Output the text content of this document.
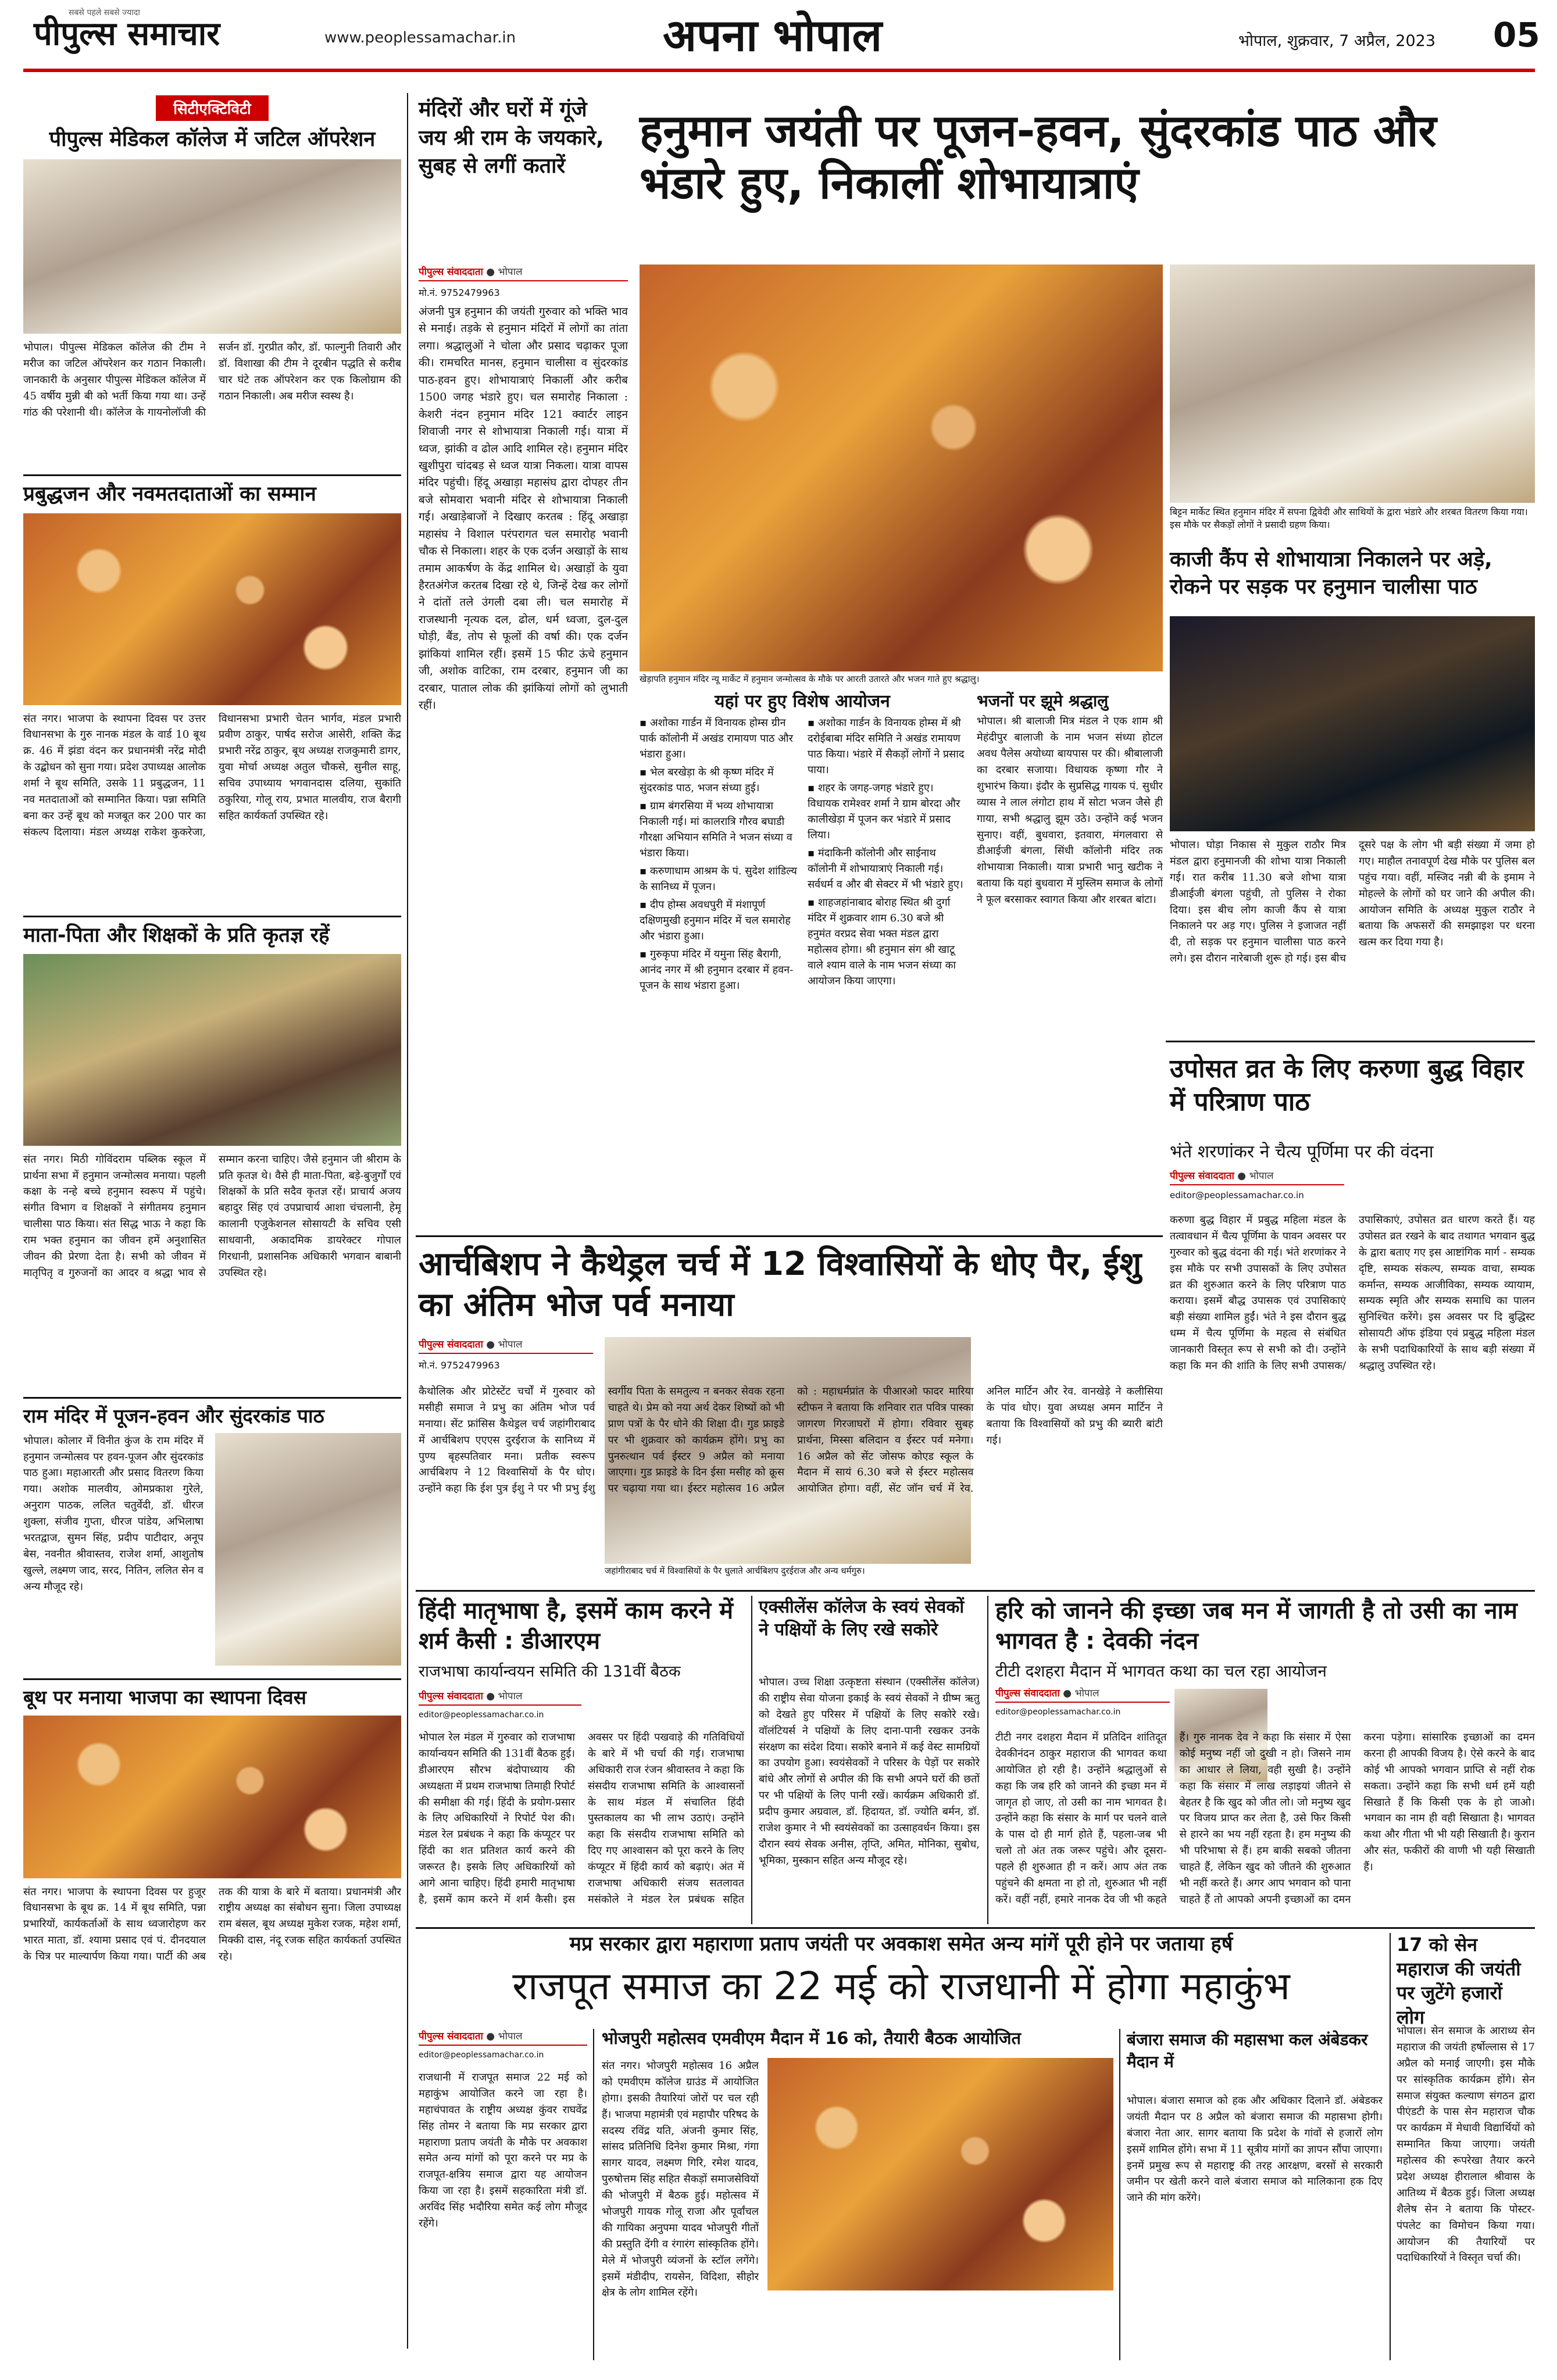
सबसे पहले सबसे ज्यादा
पीपुल्स समाचार	www.peoplessamachar.in	अपना भोपाल	भोपाल, शुक्रवार, 7 अप्रैल, 2023 05
सिटीएक्टिविटी
पीपुल्स मेडिकल कॉलेज में जटिल ऑपरेशन
भोपाल। पीपुल्स मेडिकल कॉलेज की टीम ने मरीज का जटिल ऑपरेशन कर गठान निकाली। जानकारी के अनुसार पीपुल्स मेडिकल कॉलेज में 45 वर्षीय मुन्नी बी को भर्ती किया गया था। उन्हें गांठ की परेशानी थी। कॉलेज के गायनोलॉजी की सर्जन डॉ. गुरप्रीत कौर, डॉ. फाल्गुनी तिवारी और डॉ. विशाखा की टीम ने दूरबीन पद्धति से करीब चार घंटे तक ऑपरेशन कर एक किलोग्राम की गठान निकाली। अब मरीज स्वस्थ है।
प्रबुद्धजन और नवमतदाताओं का सम्मान
संत नगर। भाजपा के स्थापना दिवस पर उत्तर विधानसभा के गुरु नानक मंडल के वार्ड 10 बूथ क्र. 46 में झंडा वंदन कर प्रधानमंत्री नरेंद्र मोदी के उद्बोधन को सुना गया। प्रदेश उपाध्यक्ष आलोक शर्मा ने बूथ समिति, उसके 11 प्रबुद्धजन, 11 नव मतदाताओं को सम्मानित किया। पन्ना समिति बना कर उन्हें बूथ को मजबूत कर 200 पार का संकल्प दिलाया। मंडल अध्यक्ष राकेश कुकरेजा, विधानसभा प्रभारी चेतन भार्गव, मंडल प्रभारी प्रवीण ठाकुर, पार्षद सरोज आसेरी, शक्ति केंद्र प्रभारी नरेंद्र ठाकुर, बूथ अध्यक्ष राजकुमारी डागर, युवा मोर्चा अध्यक्ष अतुल चौकसे, सुनील साहू, सचिव उपाध्याय भगवानदास दलिया, सुकांति ठकुरिया, गोलू राय, प्रभात मालवीय, राज बैरागी सहित कार्यकर्ता उपस्थित रहे।
माता-पिता और शिक्षकों के प्रति कृतज्ञ रहें
संत नगर। मिठी गोविंदराम पब्लिक स्कूल में प्रार्थना सभा में हनुमान जन्मोत्सव मनाया। पहली कक्षा के नन्हे बच्चे हनुमान स्वरूप में पहुंचे। संगीत विभाग व शिक्षकों ने संगीतमय हनुमान चालीसा पाठ किया। संत सिद्ध भाऊ ने कहा कि राम भक्त हनुमान का जीवन हमें अनुशासित जीवन की प्रेरणा देता है। सभी को जीवन में मातृपितृ व गुरुजनों का आदर व श्रद्धा भाव से सम्मान करना चाहिए। जैसे हनुमान जी श्रीराम के प्रति कृतज्ञ थे। वैसे ही माता-पिता, बड़े-बुजुर्गों एवं शिक्षकों के प्रति सदैव कृतज्ञ रहें। प्राचार्य अजय बहादुर सिंह एवं उपप्राचार्य आशा चंचलानी, हेमू कालानी एजुकेशनल सोसायटी के सचिव एसी साधवानी, अकादमिक डायरेक्टर गोपाल गिरधानी, प्रशासनिक अधिकारी भगवान बाबानी उपस्थित रहे।
राम मंदिर में पूजन-हवन और सुंदरकांड पाठ
भोपाल। कोलार में विनीत कुंज के राम मंदिर में हनुमान जन्मोत्सव पर हवन-पूजन और सुंदरकांड पाठ हुआ। महाआरती और प्रसाद वितरण किया गया। अशोक मालवीय, ओमप्रकाश गुरेले, अनुराग पाठक, ललित चतुर्वेदी, डॉ. धीरज शुक्ला, संजीव गुप्ता, धीरज पांडेय, अभिलाषा भरतद्वाज, सुमन सिंह, प्रदीप पाटीदार, अनूप बेस, नवनीत श्रीवास्तव, राजेश शर्मा, आशुतोष खुल्ले, लक्ष्मण जाद, सरद, नितिन, ललित सेन व अन्य मौजूद रहे।
बूथ पर मनाया भाजपा का स्थापना दिवस
संत नगर। भाजपा के स्थापना दिवस पर हुजूर विधानसभा के बूथ क्र. 14 में बूथ समिति, पन्ना प्रभारियों, कार्यकर्ताओं के साथ ध्वजारोहण कर भारत माता, डॉ. श्यामा प्रसाद एवं पं. दीनदयाल के चित्र पर माल्यार्पण किया गया। पार्टी की अब तक की यात्रा के बारे में बताया। प्रधानमंत्री और राष्ट्रीय अध्यक्ष का संबोधन सुना। जिला उपाध्यक्ष राम बंसल, बूथ अध्यक्ष मुकेश रजक, महेश शर्मा, मिक्की दास, नंदू रजक सहित कार्यकर्ता उपस्थित रहे।
मंदिरों और घरों में गूंजे जय श्री राम के जयकारे, सुबह से लगीं कतारें
हनुमान जयंती पर पूजन-हवन, सुंदरकांड पाठ और भंडारे हुए, निकालीं शोभायात्राएं
पीपुल्स संवाददाता ● भोपाल
मो.नं. 9752479963
अंजनी पुत्र हनुमान की जयंती गुरुवार को भक्ति भाव से मनाई। तड़के से हनुमान मंदिरों में लोगों का तांता लगा। श्रद्धालुओं ने चोला और प्रसाद चढ़ाकर पूजा की। रामचरित मानस, हनुमान चालीसा व सुंदरकांड पाठ-हवन हुए। शोभायात्राएं निकालीं और करीब 1500 जगह भंडारे हुए। चल समारोह निकाला : केशरी नंदन हनुमान मंदिर 121 क्वार्टर लाइन शिवाजी नगर से शोभायात्रा निकाली गई। यात्रा में ध्वज, झांकी व ढोल आदि शामिल रहे। हनुमान मंदिर खुशीपुरा चांदबड़ से ध्वज यात्रा निकला। यात्रा वापस मंदिर पहुंची। हिंदू अखाड़ा महासंघ द्वारा दोपहर तीन बजे सोमवारा भवानी मंदिर से शोभायात्रा निकाली गई। अखाड़ेबाजों ने दिखाए करतब : हिंदू अखाड़ा महासंघ ने विशाल परंपरागत चल समारोह भवानी चौक से निकाला। शहर के एक दर्जन अखाड़ों के साथ तमाम आकर्षण के केंद्र शामिल थे। अखाड़ों के युवा हैरतअंगेज करतब दिखा रहे थे, जिन्हें देख कर लोगों ने दांतों तले उंगली दबा ली। चल समारोह में राजस्थानी नृत्यक दल, ढोल, धर्म ध्वजा, दुल-दुल घोड़ी, बैंड, तोप से फूलों की वर्षा की। एक दर्जन झांकियां शामिल रहीं। इसमें 15 फीट ऊंचे हनुमान जी, अशोक वाटिका, राम दरबार, हनुमान जी का दरबार, पाताल लोक की झांकियां लोगों को लुभाती रहीं।
खेड़ापति हनुमान मंदिर न्यू मार्केट में हनुमान जन्मोत्सव के मौके पर आरती उतारते और भजन गाते हुए श्रद्धालु।
बिट्टन मार्केट स्थित हनुमान मंदिर में सपना द्विवेदी और साथियों के द्वारा भंडारे और शरबत वितरण किया गया। इस मौके पर सैकड़ों लोगों ने प्रसादी ग्रहण किया।
काजी कैंप से शोभायात्रा निकालने पर अड़े, रोकने पर सड़क पर हनुमान चालीसा पाठ
भोपाल। घोड़ा निकास से मुकुल राठौर मित्र मंडल द्वारा हनुमानजी की शोभा यात्रा निकाली गई। रात करीब 11.30 बजे शोभा यात्रा डीआईजी बंगला पहुंची, तो पुलिस ने रोका दिया। इस बीच लोग काजी कैंप से यात्रा निकालने पर अड़ गए। पुलिस ने इजाजत नहीं दी, तो सड़क पर हनुमान चालीसा पाठ करने लगे। इस दौरान नारेबाजी शुरू हो गई। इस बीच दूसरे पक्ष के लोग भी बड़ी संख्या में जमा हो गए। माहौल तनावपूर्ण देख मौके पर पुलिस बल पहुंच गया। वहीं, मस्जिद नन्नी बी के इमाम ने मोहल्ले के लोगों को घर जाने की अपील की। आयोजन समिति के अध्यक्ष मुकुल राठौर ने बताया कि अफसरों की समझाइश पर धरना खत्म कर दिया गया है।
यहां पर हुए विशेष आयोजन
▪ अशोका गार्डन में विनायक होम्स ग्रीन पार्क कॉलोनी में अखंड रामायण पाठ और भंडारा हुआ।
▪ भेल बरखेड़ा के श्री कृष्ण मंदिर में सुंदरकांड पाठ, भजन संध्या हुई।
▪ ग्राम बंगरसिया में भव्य शोभायात्रा निकाली गई। मां कालरात्रि गौरव बघाडी गौरक्षा अभियान समिति ने भजन संध्या व भंडारा किया।
▪ करुणाधाम आश्रम के पं. सुदेश शांडिल्य के सानिध्य में पूजन।
▪ दीप होम्स अवधपुरी में मंशापूर्ण दक्षिणमुखी हनुमान मंदिर में चल समारोह और भंडारा हुआ।
▪ गुरुकृपा मंदिर में यमुना सिंह बैरागी, आनंद नगर में श्री हनुमान दरबार में हवन-पूजन के साथ भंडारा हुआ।
▪ अशोका गार्डन के विनायक होम्स में श्री दरोईबाबा मंदिर समिति ने अखंड रामायण पाठ किया। भंडारे में सैकड़ों लोगों ने प्रसाद पाया।
▪ शहर के जगह-जगह भंडारे हुए। विधायक रामेश्वर शर्मा ने ग्राम बोरदा और कालीखेड़ा में पूजन कर भंडारे में प्रसाद लिया।
▪ मंदाकिनी कॉलोनी और साईनाथ कॉलोनी में शोभायात्राएं निकाली गई। सर्वधर्म व और बी सेक्टर में भी भंडारे हुए।
▪ शाहजहांनाबाद बोराह स्थित श्री दुर्गा मंदिर में शुक्रवार शाम 6.30 बजे श्री हनुमंत वरप्रद सेवा भक्त मंडल द्वारा महोत्सव होगा। श्री हनुमान संग श्री खाटू वाले श्याम वाले के नाम भजन संध्या का आयोजन किया जाएगा।
भजनों पर झूमे श्रद्धालु
भोपाल। श्री बालाजी मित्र मंडल ने एक शाम श्री मेहंदीपुर बालाजी के नाम भजन संध्या होटल अवध पैलेस अयोध्या बायपास पर की। श्रीबालाजी का दरबार सजाया। विधायक कृष्णा गौर ने शुभारंभ किया। इंदौर के सुप्रसिद्ध गायक पं. सुधीर व्यास ने लाल लंगोटा हाथ में सोटा भजन जैसे ही गाया, सभी श्रद्धालु झूम उठे। उन्होंने कई भजन सुनाए। वहीं, बुधवारा, इतवारा, मंगलवारा से डीआईजी बंगला, सिंधी कॉलोनी मंदिर तक शोभायात्रा निकाली। यात्रा प्रभारी भानु खटीक ने बताया कि यहां बुधवारा में मुस्लिम समाज के लोगों ने फूल बरसाकर स्वागत किया और शरबत बांटा।
आर्चबिशप ने कैथेड्रल चर्च में 12 विश्वासियों के धोए पैर, ईशु का अंतिम भोज पर्व मनाया
पीपुल्स संवाददाता ● भोपाल
मो.नं. 9752479963
जहांगीराबाद चर्च में विश्वासियों के पैर धुलाते आर्चबिशप दुरईराज और अन्य धर्मगुरु।
कैथोलिक और प्रोटेस्टेंट चर्चों में गुरुवार को मसीही समाज ने प्रभु का अंतिम भोज पर्व मनाया। सेंट फ्रांसिस कैथेड्रल चर्च जहांगीराबाद में आर्चबिशप एएएस दुरईराज के सानिध्य में पुण्य बृहस्पतिवार मना। प्रतीक स्वरूप आर्चबिशप ने 12 विश्वासियों के पैर धोए। उन्होंने कहा कि ईश पुत्र ईशु ने पर भी प्रभु ईशु स्वर्गीय पिता के समतुल्य न बनकर सेवक रहना चाहते थे। प्रेम को नया अर्थ देकर शिष्यों को भी प्राण पत्रों के पैर धोने की शिक्षा दी। गुड फ्राइडे पर भी शुक्रवार को कार्यक्रम होंगे। प्रभु का पुनरुत्थान पर्व ईस्टर 9 अप्रैल को मनाया जाएगा। गुड फ्राइडे के दिन ईसा मसीह को क्रूस पर चढ़ाया गया था। ईस्टर महोत्सव 16 अप्रैल को : महाधर्मप्रांत के पीआरओ फादर मारिया स्टीफन ने बताया कि शनिवार रात पवित्र पास्का जागरण गिरजाघरों में होगा। रविवार सुबह प्रार्थना, मिस्सा बलिदान व ईस्टर पर्व मनेगा। 16 अप्रैल को सेंट जोसफ कोएड स्कूल के मैदान में सायं 6.30 बजे से ईस्टर महोत्सव आयोजित होगा। वहीं, सेंट जॉन चर्च में रेव. अनिल मार्टिन और रेव. वानखेड़े ने कलीसिया के पांव धोए। युवा अध्यक्ष अमन मार्टिन ने बताया कि विश्वासियों को प्रभु की ब्यारी बांटी गई।
उपोसत व्रत के लिए करुणा बुद्ध विहार में परित्राण पाठ
भंते शरणांकर ने चैत्य पूर्णिमा पर की वंदना
पीपुल्स संवाददाता ● भोपाल
editor@peoplessamachar.co.in
करुणा बुद्ध विहार में प्रबुद्ध महिला मंडल के तत्वावधान में चैत्य पूर्णिमा के पावन अवसर पर गुरुवार को बुद्ध वंदना की गई। भंते शरणांकर ने इस मौके पर सभी उपासकों के लिए उपोसत व्रत की शुरुआत करने के लिए परित्राण पाठ कराया। इसमें बौद्ध उपासक एवं उपासिकाएं बड़ी संख्या शामिल हुईं। भंते ने इस दौरान बुद्ध धम्म में चैत्य पूर्णिमा के महत्व से संबंधित जानकारी विस्तृत रूप से सभी को दी। उन्होंने कहा कि मन की शांति के लिए सभी उपासक/उपासिकाएं, उपोसत व्रत धारण करते हैं। यह उपोसत व्रत रखने के बाद तथागत भगवान बुद्ध के द्वारा बताए गए इस आष्टांगिक मार्ग - सम्यक दृष्टि, सम्यक संकल्प, सम्यक वाचा, सम्यक कर्मान्त, सम्यक आजीविका, सम्यक व्यायाम, सम्यक स्मृति और सम्यक समाधि का पालन सुनिश्चित करेंगे। इस अवसर पर दि बुद्धिस्ट सोसायटी ऑफ इंडिया एवं प्रबुद्ध महिला मंडल के सभी पदाधिकारियों के साथ बड़ी संख्या में श्रद्धालु उपस्थित रहे।
हिंदी मातृभाषा है, इसमें काम करने में शर्म कैसी : डीआरएम
राजभाषा कार्यान्वयन समिति की 131वीं बैठक
पीपुल्स संवाददाता ● भोपाल
editor@peoplessamachar.co.in
भोपाल रेल मंडल में गुरुवार को राजभाषा कार्यान्वयन समिति की 131वीं बैठक हुई। डीआरएम सौरभ बंदोपाध्याय की अध्यक्षता में प्रथम राजभाषा तिमाही रिपोर्ट की समीक्षा की गई। हिंदी के प्रयोग-प्रसार के लिए अधिकारियों ने रिपोर्ट पेश की। मंडल रेल प्रबंधक ने कहा कि कंप्यूटर पर हिंदी का शत प्रतिशत कार्य करने की जरूरत है। इसके लिए अधिकारियों को आगे आना चाहिए। हिंदी हमारी मातृभाषा है, इसमें काम करने में शर्म कैसी। इस अवसर पर हिंदी पखवाड़े की गतिविधियों के बारे में भी चर्चा की गई। राजभाषा अधिकारी राज रंजन श्रीवास्तव ने कहा कि संसदीय राजभाषा समिति के आश्वासनों के साथ मंडल में संचालित हिंदी पुस्तकालय का भी लाभ उठाएं। उन्होंने कहा कि संसदीय राजभाषा समिति को दिए गए आश्वासन को पूरा करने के लिए कंप्यूटर में हिंदी कार्य को बढ़ाएं। अंत में राजभाषा अधिकारी संजय सतलावत मसंकोले ने मंडल रेल प्रबंधक सहित
एक्सीलेंस कॉलेज के स्वयं सेवकों ने पक्षियों के लिए रखे सकोरे
भोपाल। उच्च शिक्षा उत्कृष्टता संस्थान (एक्सीलेंस कॉलेज) की राष्ट्रीय सेवा योजना इकाई के स्वयं सेवकों ने ग्रीष्म ऋतु को देखते हुए परिसर में पक्षियों के लिए सकोरे रखे। वॉलंटियर्स ने पक्षियों के लिए दाना-पानी रखकर उनके संरक्षण का संदेश दिया। सकोरे बनाने में कई वेस्ट सामग्रियों का उपयोग हुआ। स्वयंसेवकों ने परिसर के पेड़ों पर सकोरे बांधे और लोगों से अपील की कि सभी अपने घरों की छतों पर भी पक्षियों के लिए पानी रखें। कार्यक्रम अधिकारी डॉ. प्रदीप कुमार अग्रवाल, डॉ. हिदायत, डॉ. ज्योति बर्मन, डॉ. राजेश कुमार ने भी स्वयंसेवकों का उत्साहवर्धन किया। इस दौरान स्वयं सेवक अनीस, तृप्ति, अमित, मोनिका, सुबोध, भूमिका, मुस्कान सहित अन्य मौजूद रहे।
हरि को जानने की इच्छा जब मन में जागती है तो उसी का नाम भागवत है : देवकी नंदन
टीटी दशहरा मैदान में भागवत कथा का चल रहा आयोजन
पीपुल्स संवाददाता ● भोपाल
editor@peoplessamachar.co.in
टीटी नगर दशहरा मैदान में प्रतिदिन शांतिदूत देवकीनंदन ठाकुर महाराज की भागवत कथा आयोजित हो रही है। उन्होंने श्रद्धालुओं से कहा कि जब हरि को जानने की इच्छा मन में जागृत हो जाए, तो उसी का नाम भागवत है। उन्होंने कहा कि संसार के मार्ग पर चलने वाले के पास दो ही मार्ग होते हैं, पहला-जब भी चलो तो अंत तक जरूर पहुंचे। और दूसरा-पहले ही शुरुआत ही न करें। आप अंत तक पहुंचने की क्षमता ना हो तो, शुरुआत भी नहीं करें। वहीं नहीं, हमारे नानक देव जी भी कहते हैं। गुरु नानक देव ने कहा कि संसार में ऐसा कोई मनुष्य नहीं जो दुखी न हो। जिसने नाम का आधार ले लिया, वही सुखी है। उन्होंने कहा कि संसार में लाख लड़ाइयां जीतने से बेहतर है कि खुद को जीत लो। जो मनुष्य खुद पर विजय प्राप्त कर लेता है, उसे फिर किसी से हारने का भय नहीं रहता है। हम मनुष्य की भी परिभाषा से हैं। हम बाकी सबको जीतना चाहते हैं, लेकिन खुद को जीतने की शुरुआत भी नहीं करते हैं। अगर आप भगवान को पाना चाहते हैं तो आपको अपनी इच्छाओं का दमन करना पड़ेगा। सांसारिक इच्छाओं का दमन करना ही आपकी विजय है। ऐसे करने के बाद कोई भी आपको भगवान प्राप्ति से नहीं रोक सकता। उन्होंने कहा कि सभी धर्म हमें यही सिखाते हैं कि किसी एक के हो जाओ। भगवान का नाम ही वही सिखाता है। भागवत कथा और गीता भी भी यही सिखाती है। कुरान और संत, फकीरों की वाणी भी यही सिखाती हैं।
मप्र सरकार द्वारा महाराणा प्रताप जयंती पर अवकाश समेत अन्य मांगें पूरी होने पर जताया हर्ष
राजपूत समाज का 22 मई को राजधानी में होगा महाकुंभ
पीपुल्स संवाददाता ● भोपाल
editor@peoplessamachar.co.in
राजधानी में राजपूत समाज 22 मई को महाकुंभ आयोजित करने जा रहा है। महाचंपावत के राष्ट्रीय अध्यक्ष कुंवर राघवेंद्र सिंह तोमर ने बताया कि मप्र सरकार द्वारा महाराणा प्रताप जयंती के मौके पर अवकाश समेत अन्य मांगों को पूरा करने पर मप्र के राजपूत-क्षत्रिय समाज द्वारा यह आयोजन किया जा रहा है। इसमें सहकारिता मंत्री डॉ. अरविंद सिंह भदौरिया समेत कई लोग मौजूद रहेंगे।
भोजपुरी महोत्सव एमवीएम मैदान में 16 को, तैयारी बैठक आयोजित
संत नगर। भोजपुरी महोत्सव 16 अप्रैल को एमवीएम कॉलेज ग्राउंड में आयोजित होगा। इसकी तैयारियां जोरों पर चल रही हैं। भाजपा महामंत्री एवं महापौर परिषद के सदस्य रविंद्र यति, अंजनी कुमार सिंह, सांसद प्रतिनिधि दिनेश कुमार मिश्रा, गंगा सागर यादव, लक्ष्मण गिरि, रमेश यादव, पुरुषोत्तम सिंह सहित सैकड़ों समाजसेवियों की भोजपुरी में बैठक हुई। महोत्सव में भोजपुरी गायक गोलू राजा और पूर्वांचल की गायिका अनुपमा यादव भोजपुरी गीतों की प्रस्तुति देंगी व रंगारंग सांस्कृतिक होंगे। मेले में भोजपुरी व्यंजनों के स्टॉल लगेंगे। इसमें मंडीदीप, रायसेन, विदिशा, सीहोर क्षेत्र के लोग शामिल रहेंगे।
बंजारा समाज की महासभा कल अंबेडकर मैदान में
भोपाल। बंजारा समाज को हक और अधिकार दिलाने डॉ. अंबेडकर जयंती मैदान पर 8 अप्रैल को बंजारा समाज की महासभा होगी। बंजारा नेता आर. सागर बताया कि प्रदेश के गांवों से हजारों लोग इसमें शामिल होंगे। सभा में 11 सूत्रीय मांगों का ज्ञापन सौंपा जाएगा। इनमें प्रमुख रूप से महाराष्ट्र की तरह आरक्षण, बरसों से सरकारी जमीन पर खेती करने वाले बंजारा समाज को मालिकाना हक दिए जाने की मांग करेंगे।
17 को सेन महाराज की जयंती पर जुटेंगे हजारों लोग
भोपाल। सेन समाज के आराध्य सेन महाराज की जयंती हर्षोल्लास से 17 अप्रैल को मनाई जाएगी। इस मौके पर सांस्कृतिक कार्यक्रम होंगे। सेन समाज संयुक्त कल्याण संगठन द्वारा पीएंडटी के पास सेन महाराज चौक पर कार्यक्रम में मेधावी विद्यार्थियों को सम्मानित किया जाएगा। जयंती महोत्सव की रूपरेखा तैयार करने प्रदेश अध्यक्ष हीरालाल श्रीवास के आतिथ्य में बैठक हुई। जिला अध्यक्ष शैलेष सेन ने बताया कि पोस्टर-पंपलेट का विमोचन किया गया। आयोजन की तैयारियों पर पदाधिकारियों ने विस्तृत चर्चा की।
